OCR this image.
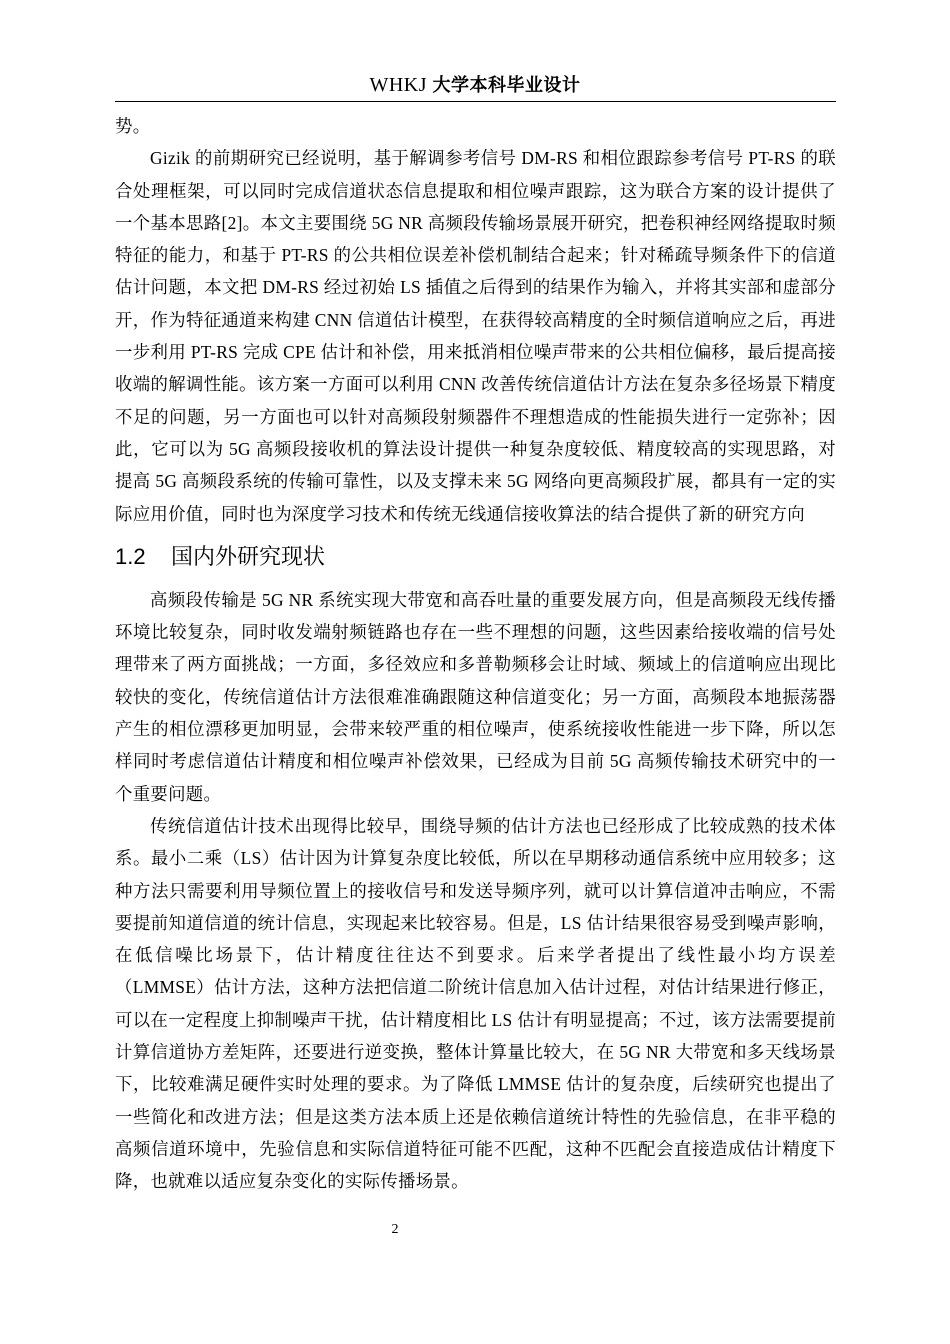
WHKJ 大学本科毕业设计

势。

Gizik 的前期研究已经说明，基于解调参考信号 DM-RS 和相位跟踪参考信号 PT-RS 的联合处理框架，可以同时完成信道状态信息提取和相位噪声跟踪，这为联合方案的设计提供了一个基本思路[2]。本文主要围绕 5G NR 高频段传输场景展开研究，把卷积神经网络提取时频特征的能力，和基于 PT-RS 的公共相位误差补偿机制结合起来；针对稀疏导频条件下的信道估计问题，本文把 DM-RS 经过初始 LS 插值之后得到的结果作为输入，并将其实部和虚部分开，作为特征通道来构建 CNN 信道估计模型，在获得较高精度的全时频信道响应之后，再进一步利用 PT-RS 完成 CPE 估计和补偿，用来抵消相位噪声带来的公共相位偏移，最后提高接收端的解调性能。该方案一方面可以利用 CNN 改善传统信道估计方法在复杂多径场景下精度不足的问题，另一方面也可以针对高频段射频器件不理想造成的性能损失进行一定弥补；因此，它可以为 5G 高频段接收机的算法设计提供一种复杂度较低、精度较高的实现思路，对提高 5G 高频段系统的传输可靠性，以及支撑未来 5G 网络向更高频段扩展，都具有一定的实际应用价值，同时也为深度学习技术和传统无线通信接收算法的结合提供了新的研究方向

1.2 国内外研究现状

高频段传输是 5G NR 系统实现大带宽和高吞吐量的重要发展方向，但是高频段无线传播环境比较复杂，同时收发端射频链路也存在一些不理想的问题，这些因素给接收端的信号处理带来了两方面挑战；一方面，多径效应和多普勒频移会让时域、频域上的信道响应出现比较快的变化，传统信道估计方法很难准确跟随这种信道变化；另一方面，高频段本地振荡器产生的相位漂移更加明显，会带来较严重的相位噪声，使系统接收性能进一步下降，所以怎样同时考虑信道估计精度和相位噪声补偿效果，已经成为目前 5G 高频传输技术研究中的一个重要问题。

传统信道估计技术出现得比较早，围绕导频的估计方法也已经形成了比较成熟的技术体系。最小二乘（LS）估计因为计算复杂度比较低，所以在早期移动通信系统中应用较多；这种方法只需要利用导频位置上的接收信号和发送导频序列，就可以计算信道冲击响应，不需要提前知道信道的统计信息，实现起来比较容易。但是，LS 估计结果很容易受到噪声影响，在低信噪比场景下，估计精度往往达不到要求。后来学者提出了线性最小均方误差（LMMSE）估计方法，这种方法把信道二阶统计信息加入估计过程，对估计结果进行修正，可以在一定程度上抑制噪声干扰，估计精度相比 LS 估计有明显提高；不过，该方法需要提前计算信道协方差矩阵，还要进行逆变换，整体计算量比较大，在 5G NR 大带宽和多天线场景下，比较难满足硬件实时处理的要求。为了降低 LMMSE 估计的复杂度，后续研究也提出了一些简化和改进方法；但是这类方法本质上还是依赖信道统计特性的先验信息，在非平稳的高频信道环境中，先验信息和实际信道特征可能不匹配，这种不匹配会直接造成估计精度下降，也就难以适应复杂变化的实际传播场景。

2
